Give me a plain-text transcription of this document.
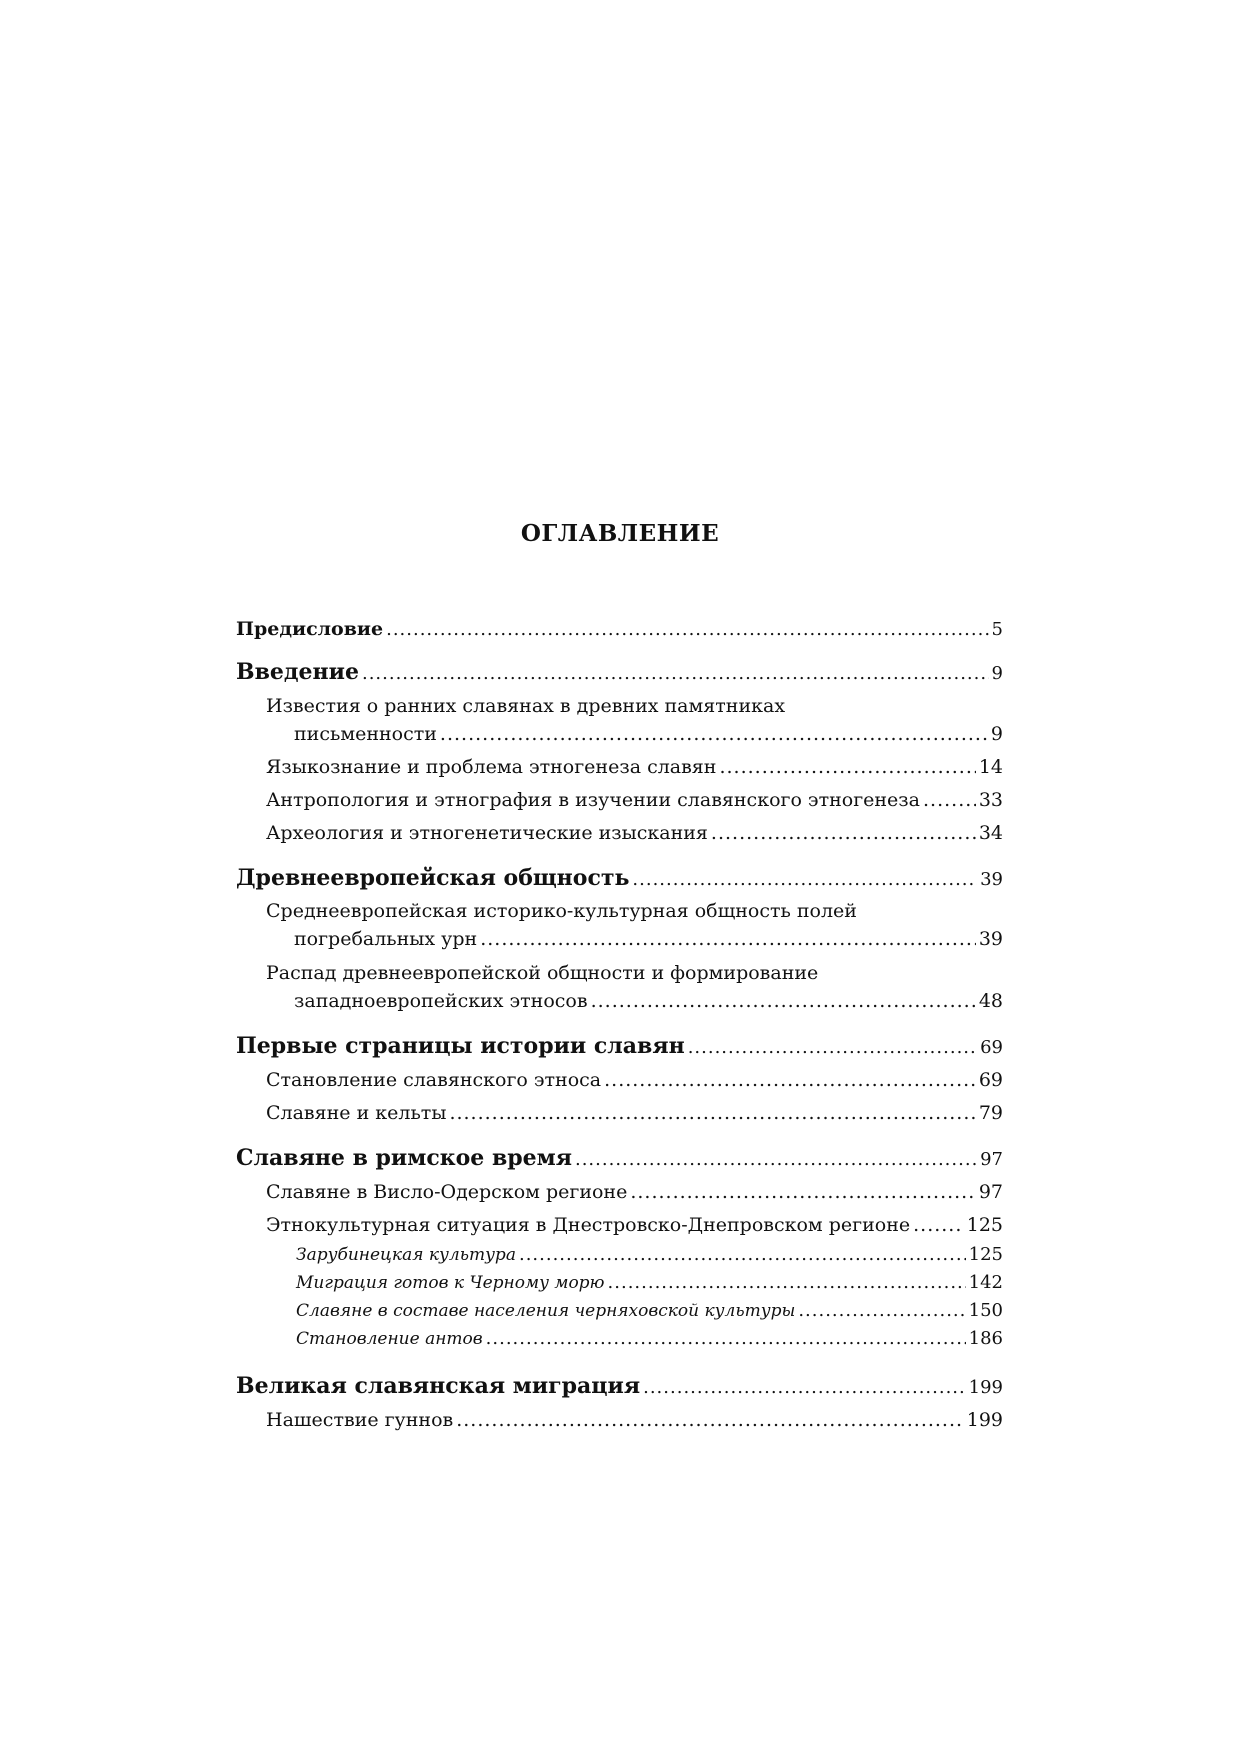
ОГЛАВЛЕНИЕ
Предисловие .....	5
Введение .....	9
Известия о ранних славянах в древних памятниках
письменности .....	9
Языкознание и проблема этногенеза славян .....	14
Антропология и этнография в изучении славянского этногенеза .....	33
Археология и этногенетические изыскания .....	34
Древнеевропейская общность .....	39
Среднеевропейская историко-культурная общность полей
погребальных урн .....	39
Распад древнеевропейской общности и формирование
западноевропейских этносов .....	48
Первые страницы истории славян .....	69
Становление славянского этноса .....	69
Славяне и кельты .....	79
Славяне в римское время .....	97
Славяне в Висло-Одерском регионе .....	97
Этнокультурная ситуация в Днестровско-Днепровском регионе .....	125
Зарубинецкая культура .....	125
Миграция готов к Черному морю .....	142
Славяне в составе населения черняховской культуры .....	150
Становление антов .....	186
Великая славянская миграция .....	199
Нашествие гуннов .....	199
